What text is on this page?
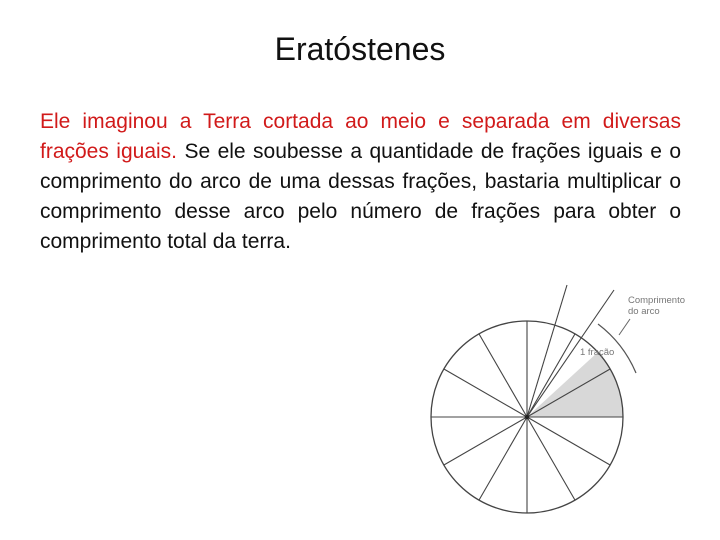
Eratóstenes
Ele imaginou a Terra cortada ao meio e separada em diversas frações iguais. Se ele soubesse a quantidade de frações iguais e o comprimento do arco de uma dessas frações, bastaria multiplicar o comprimento desse arco pelo número de frações para obter o comprimento total da terra.
Comprimento
do arco
1 fração
